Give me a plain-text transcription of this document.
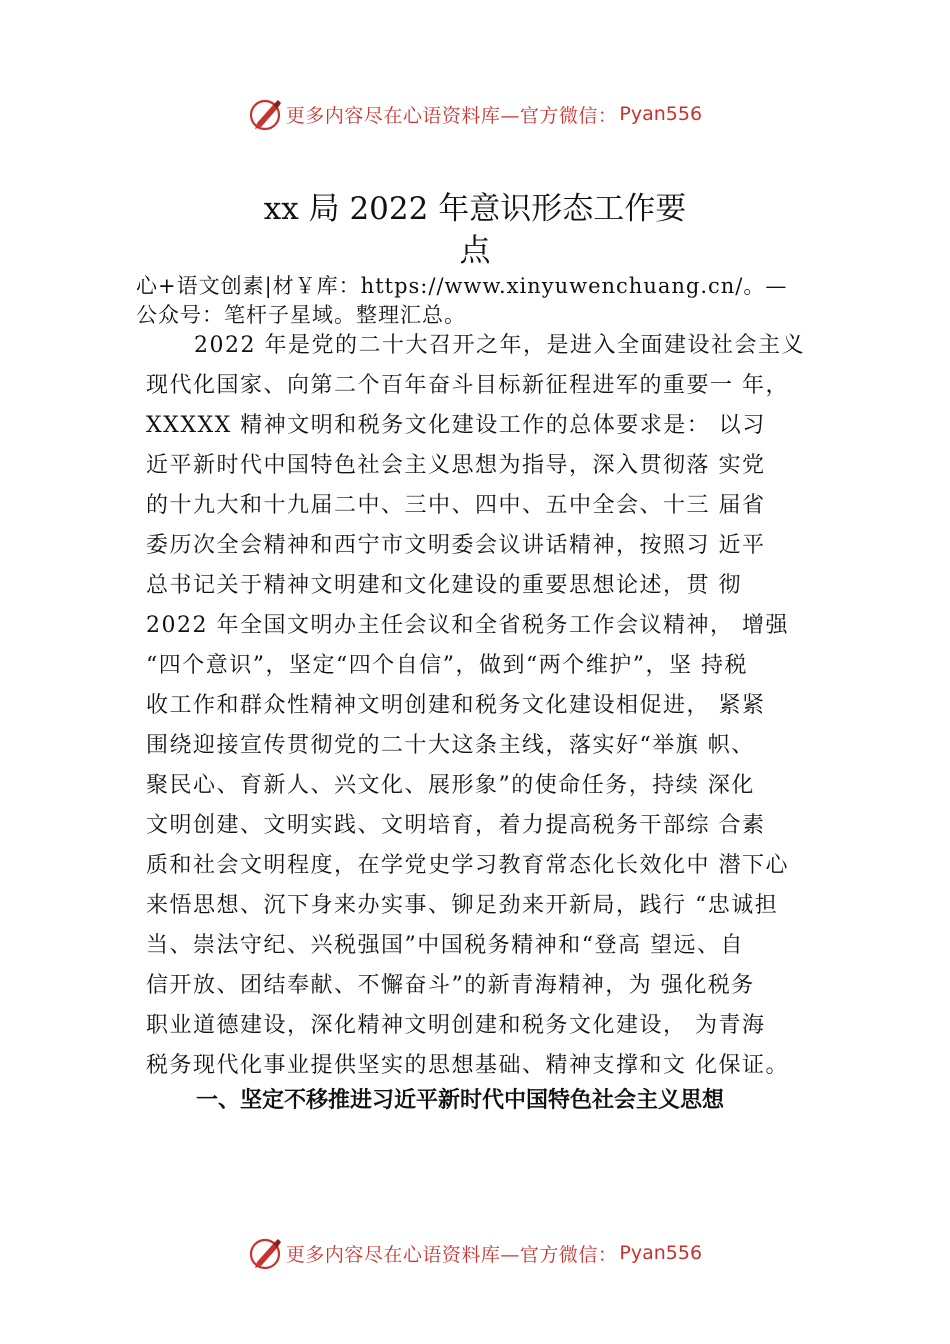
更多内容尽在心语资料库—官方微信： Pyan556
xx 局 2022 年意识形态工作要
点
心+语文创素|材￥库：https://www.xinyuwenchuang.cn/。—
公众号：笔杆子星域。整理汇总。
2022 年是党的二十大召开之年，是进入全面建设社会主义
现代化国家、向第二个百年奋斗目标新征程进军的重要一 年，
XXXXX 精神文明和税务文化建设工作的总体要求是： 以习
近平新时代中国特色社会主义思想为指导，深入贯彻落 实党
的十九大和十九届二中、三中、四中、五中全会、十三 届省
委历次全会精神和西宁市文明委会议讲话精神，按照习 近平
总书记关于精神文明建和文化建设的重要思想论述，贯 彻
2022 年全国文明办主任会议和全省税务工作会议精神， 增强
“四个意识”，坚定“四个自信”，做到“两个维护”，坚 持税
收工作和群众性精神文明创建和税务文化建设相促进， 紧紧
围绕迎接宣传贯彻党的二十大这条主线，落实好“举旗 帜、
聚民心、育新人、兴文化、展形象”的使命任务，持续 深化
文明创建、文明实践、文明培育，着力提高税务干部综 合素
质和社会文明程度，在学党史学习教育常态化长效化中 潜下心
来悟思想、沉下身来办实事、铆足劲来开新局，践行 “忠诚担
当、崇法守纪、兴税强国”中国税务精神和“登高 望远、自
信开放、团结奉献、不懈奋斗”的新青海精神，为 强化税务
职业道德建设，深化精神文明创建和税务文化建设， 为青海
税务现代化事业提供坚实的思想基础、精神支撑和文 化保证。
一、坚定不移推进习近平新时代中国特色社会主义思想
更多内容尽在心语资料库—官方微信： Pyan556
